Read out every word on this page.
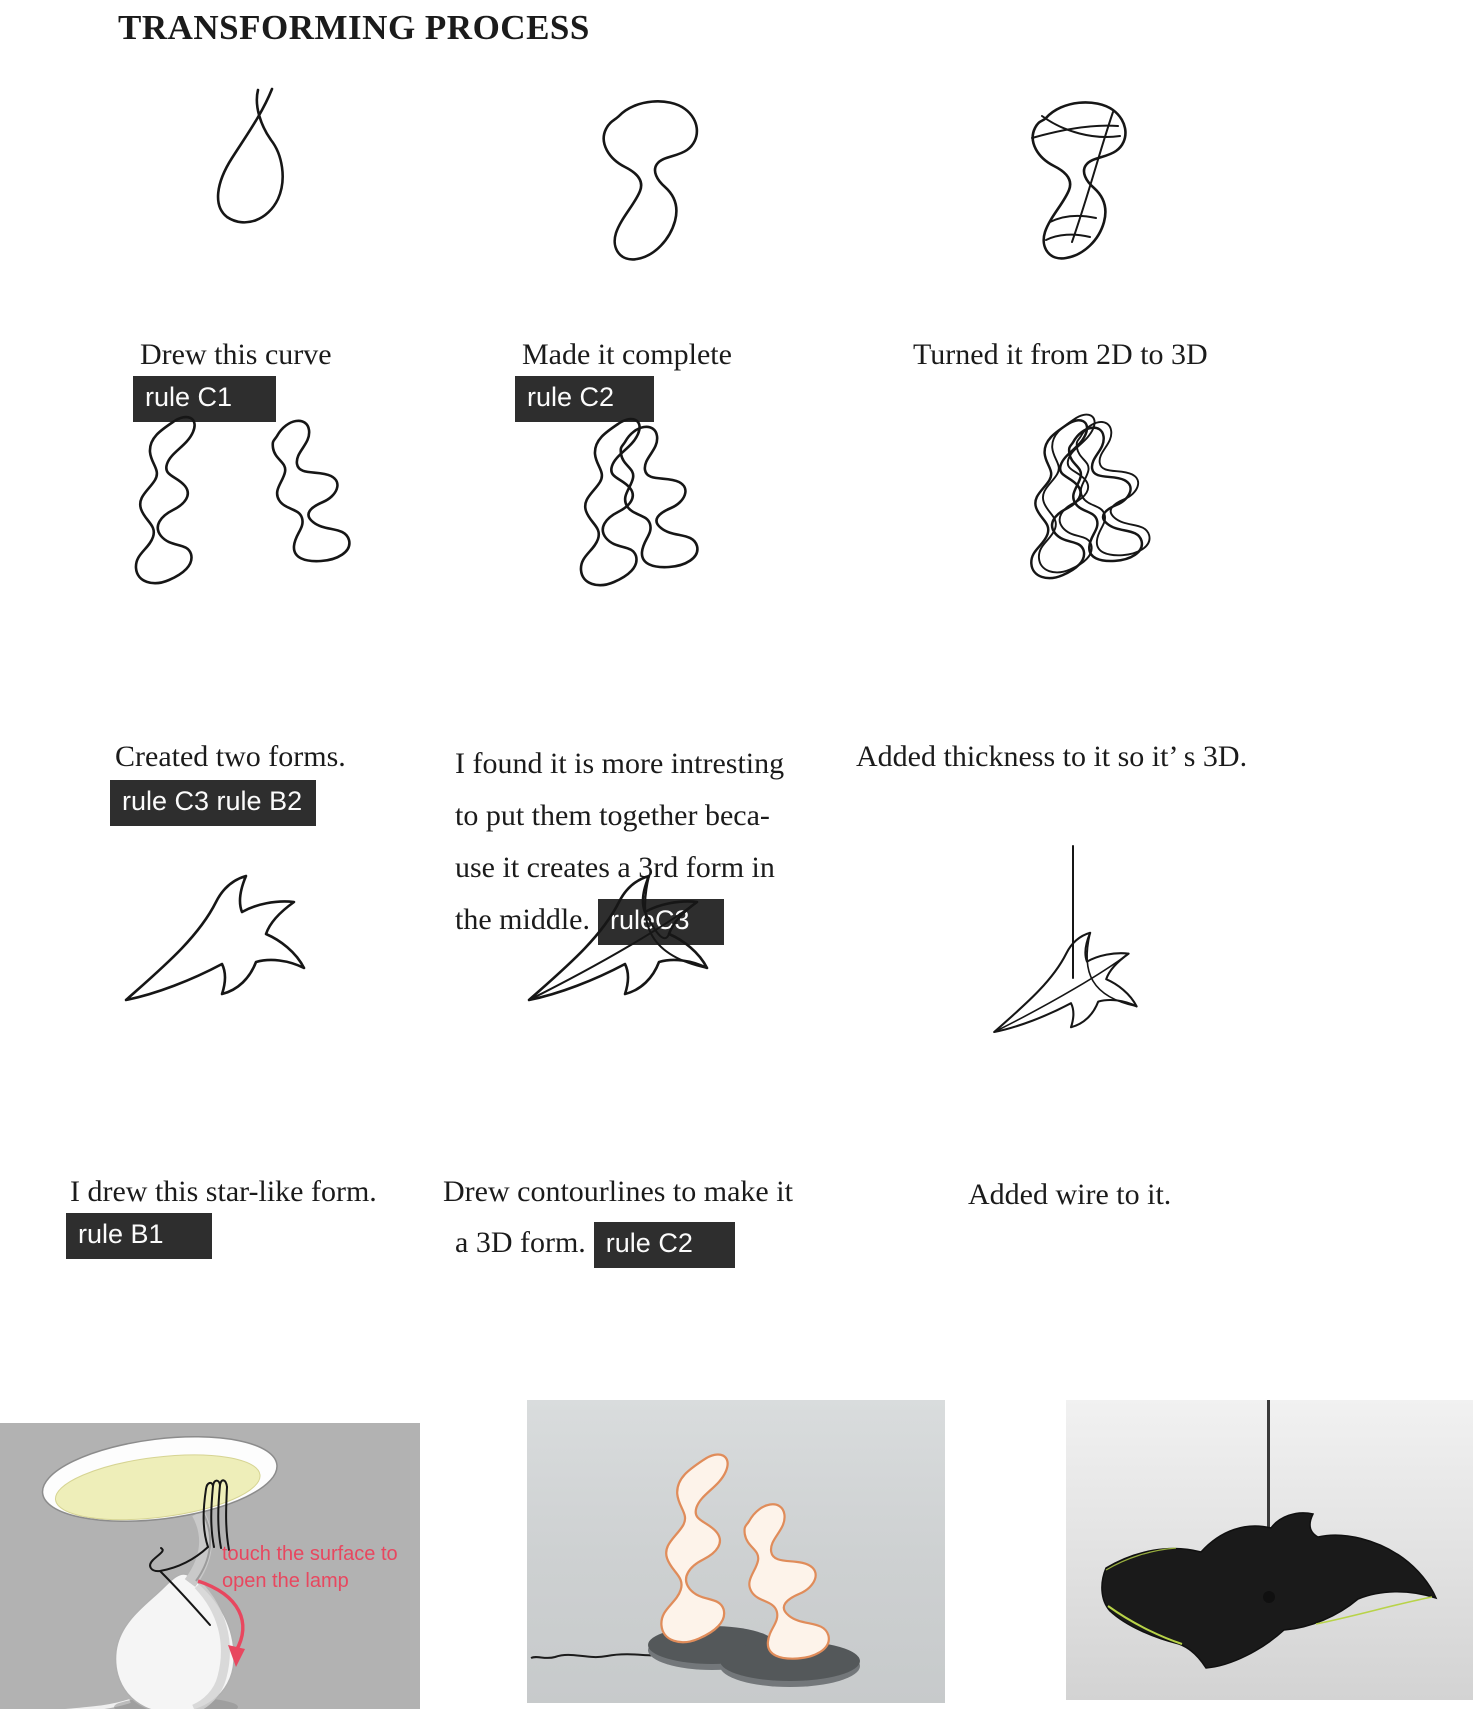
TRANSFORMING PROCESS
Drew this curve
rule C1
Made it complete
rule C2
Turned it from 2D to 3D
Created two forms.
rule C3 rule B2
I found it is more intresting
to put them together beca-
use it creates a 3rd form in
the middle. ruleC3
Added thickness to it so it’ s 3D.
I drew this star-like form.
rule B1
Drew contourlines to make it
a 3D form. rule C2
Added wire to it.
touch the surface to
open the lamp
